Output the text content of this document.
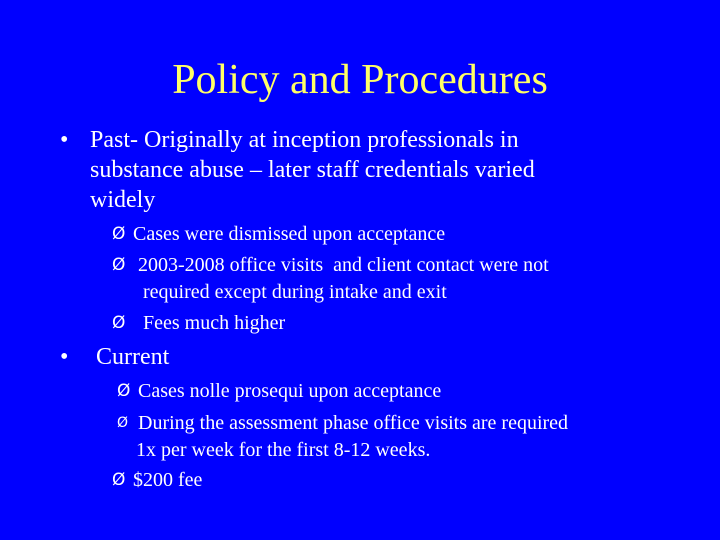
Policy and Procedures
• Past- Originally at inception professionals in
substance abuse – later staff credentials varied
widely
Ø Cases were dismissed upon acceptance
Ø 2003-2008 office visits  and client contact were not
required except during intake and exit
Ø Fees much higher
• Current
Ø Cases nolle prosequi upon acceptance
Ø During the assessment phase office visits are required
1x per week for the first 8-12 weeks.
Ø $200 fee
